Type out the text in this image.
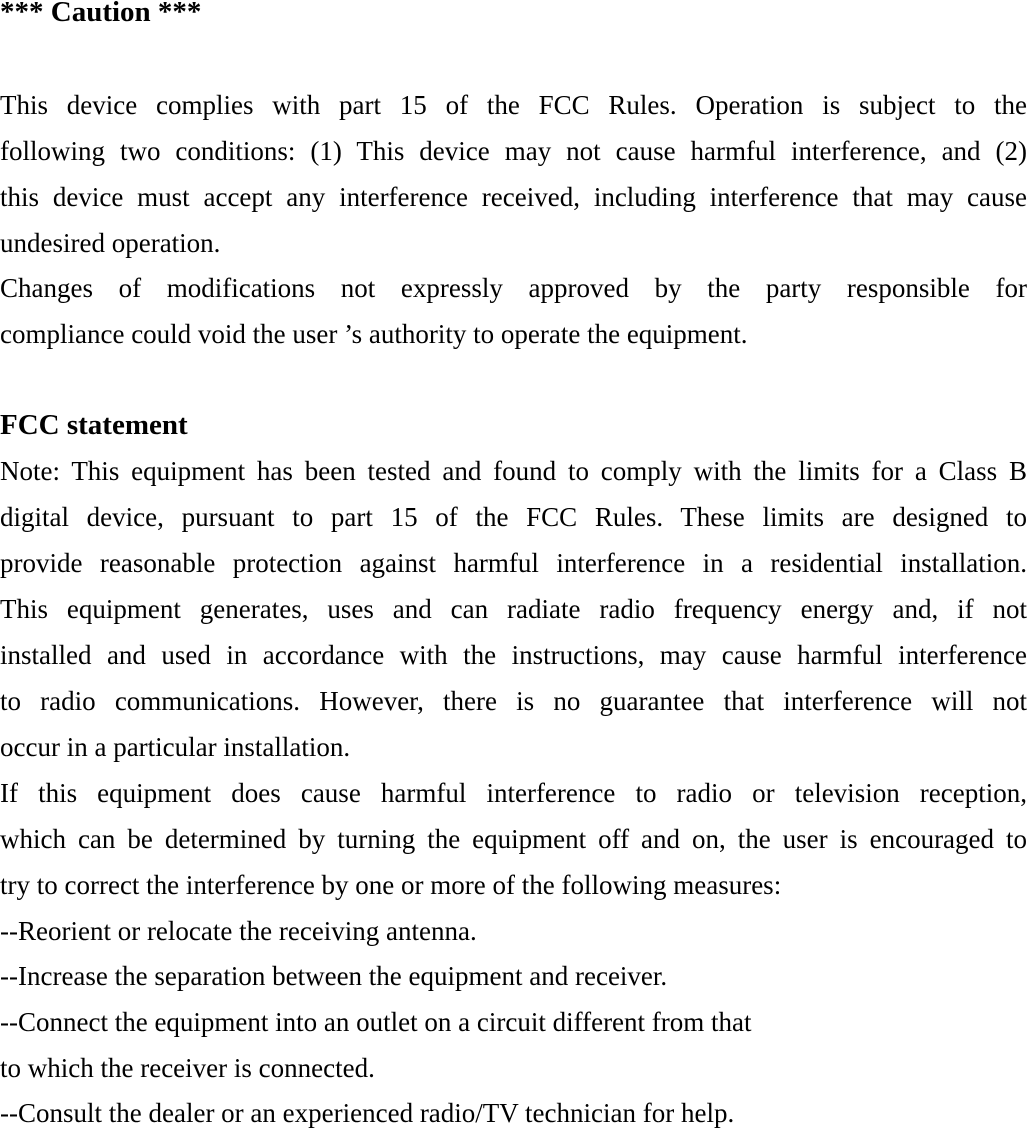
*** Caution ***
This device complies with part 15 of the FCC Rules. Operation is subject to the
following two conditions: (1) This device may not cause harmful interference, and (2)
this device must accept any interference received, including interference that may cause
undesired operation.
Changes of modifications not expressly approved by the party responsible for
compliance could void the user ’s authority to operate the equipment.
FCC statement
Note: This equipment has been tested and found to comply with the limits for a Class B
digital device, pursuant to part 15 of the FCC Rules. These limits are designed to
provide reasonable protection against harmful interference in a residential installation.
This equipment generates, uses and can radiate radio frequency energy and, if not
installed and used in accordance with the instructions, may cause harmful interference
to radio communications. However, there is no guarantee that interference will not
occur in a particular installation.
If this equipment does cause harmful interference to radio or television reception,
which can be determined by turning the equipment off and on, the user is encouraged to
try to correct the interference by one or more of the following measures:
--Reorient or relocate the receiving antenna.
--Increase the separation between the equipment and receiver.
--Connect the equipment into an outlet on a circuit different from that
to which the receiver is connected.
--Consult the dealer or an experienced radio/TV technician for help.
